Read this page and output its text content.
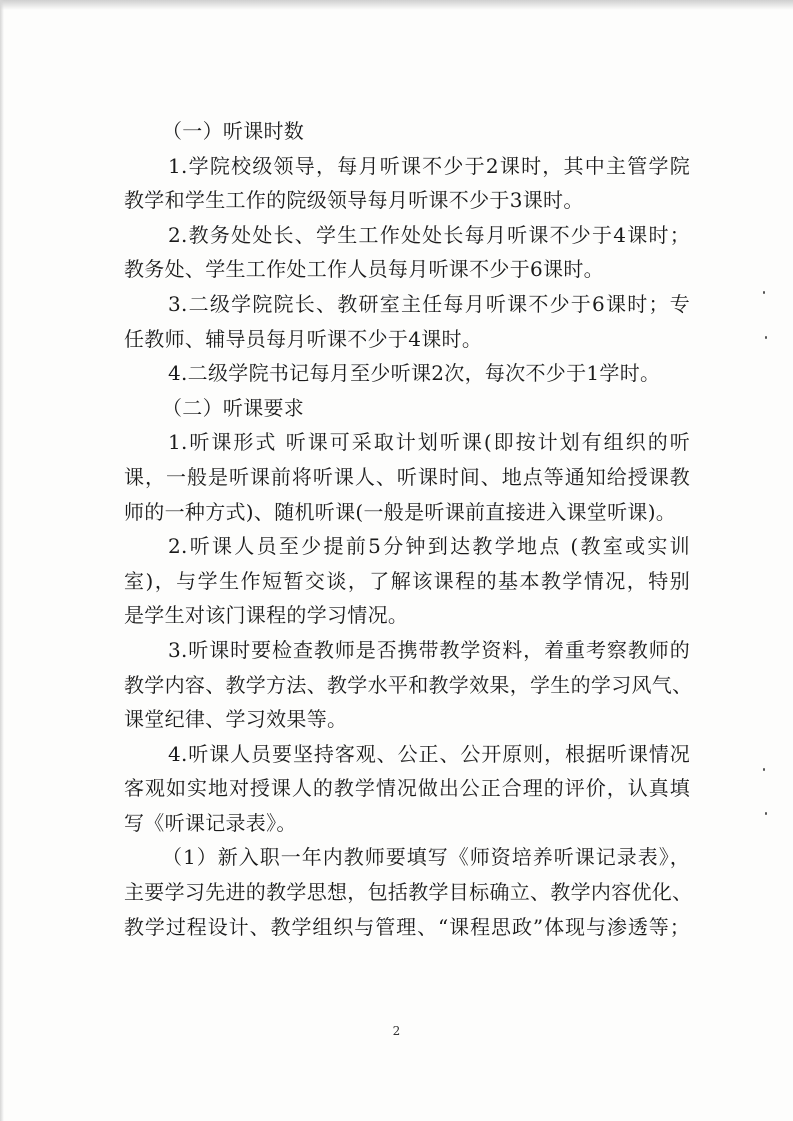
（一）听课时数
1.学院校级领导，每月听课不少于2课时，其中主管学院
教学和学生工作的院级领导每月听课不少于3课时。
2.教务处处长、学生工作处处长每月听课不少于4课时；
教务处、学生工作处工作人员每月听课不少于6课时。
3.二级学院院长、教研室主任每月听课不少于6课时；专
任教师、辅导员每月听课不少于4课时。
4.二级学院书记每月至少听课2次，每次不少于1学时。
（二）听课要求
1.听课形式 听课可采取计划听课(即按计划有组织的听
课，一般是听课前将听课人、听课时间、地点等通知给授课教
师的一种方式)、随机听课(一般是听课前直接进入课堂听课)。
2.听课人员至少提前5分钟到达教学地点 (教室或实训
室)，与学生作短暂交谈，了解该课程的基本教学情况，特别
是学生对该门课程的学习情况。
3.听课时要检查教师是否携带教学资料，着重考察教师的
教学内容、教学方法、教学水平和教学效果，学生的学习风气、
课堂纪律、学习效果等。
4.听课人员要坚持客观、公正、公开原则，根据听课情况
客观如实地对授课人的教学情况做出公正合理的评价，认真填
写《听课记录表》。
（1）新入职一年内教师要填写《师资培养听课记录表》，
主要学习先进的教学思想，包括教学目标确立、教学内容优化、
教学过程设计、教学组织与管理、“课程思政”体现与渗透等；
2
